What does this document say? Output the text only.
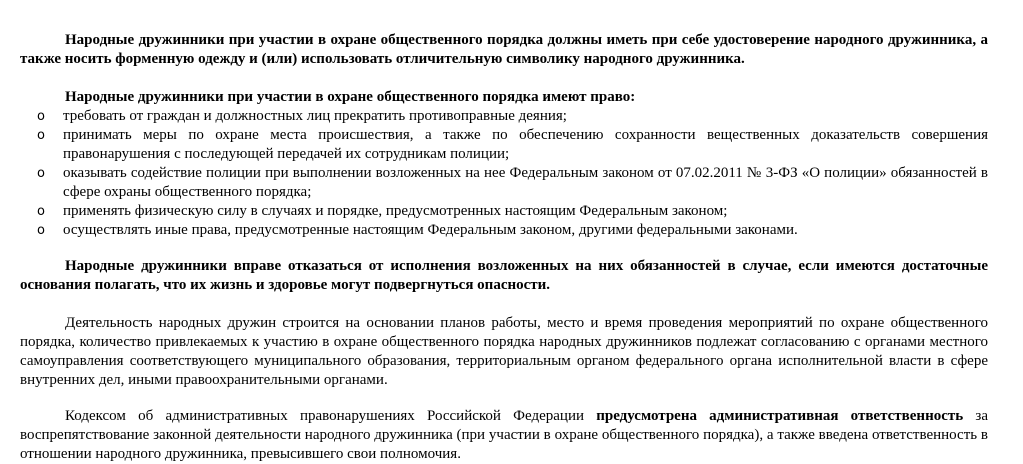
Народные дружинники при участии в охране общественного порядка должны иметь при себе удостоверение народного дружинника, а также носить форменную одежду и (или) использовать отличительную символику народного дружинника.

Народные дружинники при участии в охране общественного порядка имеют право:

o требовать от граждан и должностных лиц прекратить противоправные деяния;
o принимать меры по охране места происшествия, а также по обеспечению сохранности вещественных доказательств совершения правонарушения с последующей передачей их сотрудникам полиции;
o оказывать содействие полиции при выполнении возложенных на нее Федеральным законом от 07.02.2011 № 3-ФЗ «О полиции» обязанностей в сфере охраны общественного порядка;
o применять физическую силу в случаях и порядке, предусмотренных настоящим Федеральным законом;
o осуществлять иные права, предусмотренные настоящим Федеральным законом, другими федеральными законами.

Народные дружинники вправе отказаться от исполнения возложенных на них обязанностей в случае, если имеются достаточные основания полагать, что их жизнь и здоровье могут подвергнуться опасности.

Деятельность народных дружин строится на основании планов работы, место и время проведения мероприятий по охране общественного порядка, количество привлекаемых к участию в охране общественного порядка народных дружинников подлежат согласованию с органами местного самоуправления соответствующего муниципального образования, территориальным органом федерального органа исполнительной власти в сфере внутренних дел, иными правоохранительными органами.

Кодексом об административных правонарушениях Российской Федерации предусмотрена административная ответственность за воспрепятствование законной деятельности народного дружинника (при участии в охране общественного порядка), а также введена ответственность в отношении народного дружинника, превысившего свои полномочия.
